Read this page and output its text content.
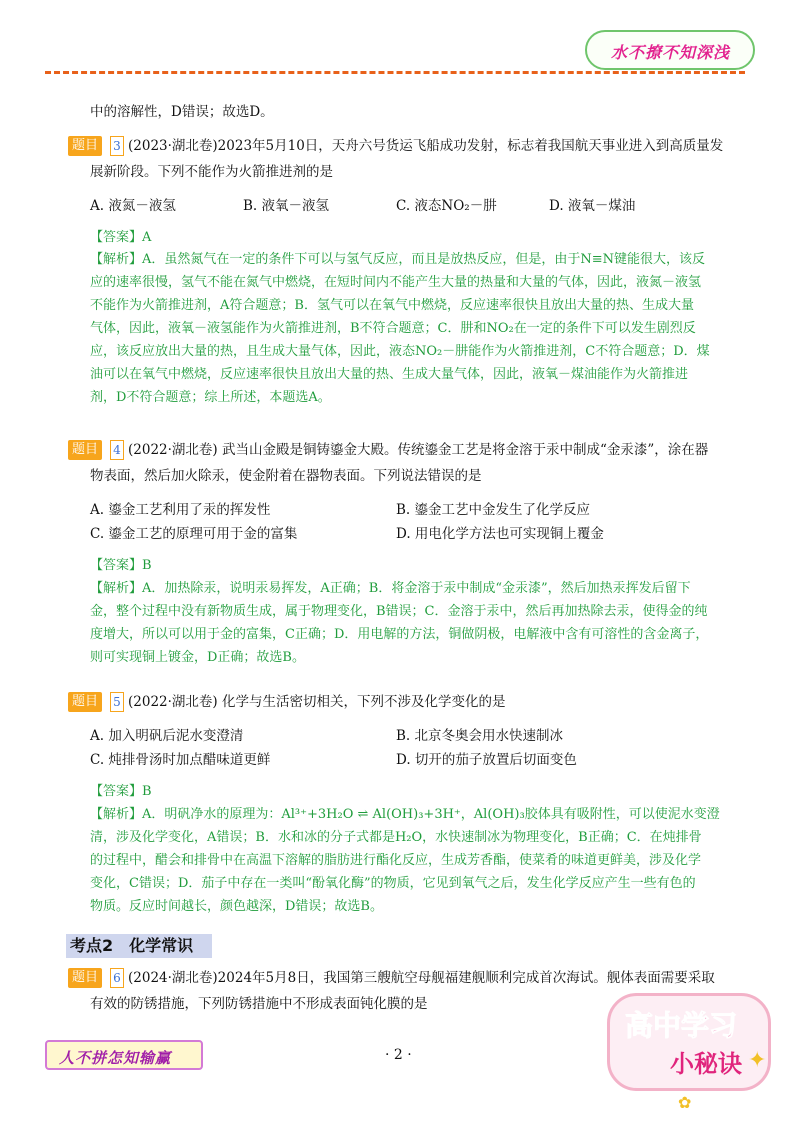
水不撩不知深浅
中的溶解性，D错误；故选D。
题目	3 (2023·湖北卷)2023年5月10日，天舟六号货运飞船成功发射，标志着我国航天事业进入到高质量发
展新阶段。下列不能作为火箭推进剂的是
A. 液氮－液氢	B. 液氧－液氢	C. 液态NO₂－肼	D. 液氧－煤油
【答案】A
【解析】A．虽然氮气在一定的条件下可以与氢气反应，而且是放热反应，但是，由于N≡N键能很大，该反
应的速率很慢，氢气不能在氮气中燃烧，在短时间内不能产生大量的热量和大量的气体，因此，液氮－液氢
不能作为火箭推进剂，A符合题意；B．氢气可以在氧气中燃烧，反应速率很快且放出大量的热、生成大量
气体，因此，液氧－液氢能作为火箭推进剂，B不符合题意；C．肼和NO₂在一定的条件下可以发生剧烈反
应，该反应放出大量的热，且生成大量气体，因此，液态NO₂－肼能作为火箭推进剂，C不符合题意；D．煤
油可以在氧气中燃烧，反应速率很快且放出大量的热、生成大量气体，因此，液氧－煤油能作为火箭推进
剂，D不符合题意；综上所述，本题选A。
题目	4 (2022·湖北卷) 武当山金殿是铜铸鎏金大殿。传统鎏金工艺是将金溶于汞中制成“金汞漆”，涂在器
物表面，然后加火除汞，使金附着在器物表面。下列说法错误的是
A. 鎏金工艺利用了汞的挥发性	B. 鎏金工艺中金发生了化学反应
C. 鎏金工艺的原理可用于金的富集	D. 用电化学方法也可实现铜上覆金
【答案】B
【解析】A．加热除汞，说明汞易挥发，A正确；B．将金溶于汞中制成“金汞漆”，然后加热汞挥发后留下
金，整个过程中没有新物质生成，属于物理变化，B错误；C．金溶于汞中，然后再加热除去汞，使得金的纯
度增大，所以可以用于金的富集，C正确；D．用电解的方法，铜做阴极，电解液中含有可溶性的含金离子，
则可实现铜上镀金，D正确；故选B。
题目	5 (2022·湖北卷) 化学与生活密切相关，下列不涉及化学变化的是
A. 加入明矾后泥水变澄清	B. 北京冬奥会用水快速制冰
C. 炖排骨汤时加点醋味道更鲜	D. 切开的茄子放置后切面变色
【答案】B
【解析】A．明矾净水的原理为：Al³⁺+3H₂O ⇌ Al(OH)₃+3H⁺，Al(OH)₃胶体具有吸附性，可以使泥水变澄
清，涉及化学变化，A错误；B．水和冰的分子式都是H₂O，水快速制冰为物理变化，B正确；C．在炖排骨
的过程中，醋会和排骨中在高温下溶解的脂肪进行酯化反应，生成芳香酯，使菜肴的味道更鲜美，涉及化学
变化，C错误；D．茄子中存在一类叫“酚氧化酶”的物质，它见到氧气之后，发生化学反应产生一些有色的
物质。反应时间越长，颜色越深，D错误；故选B。
考点2　化学常识
题目	6 (2024·湖北卷)2024年5月8日，我国第三艘航空母舰福建舰顺利完成首次海试。舰体表面需要采取
有效的防锈措施，下列防锈措施中不形成表面钝化膜的是
人不拼怎知输赢	· 2 ·
高中学习
小秘诀 ✦
✿
